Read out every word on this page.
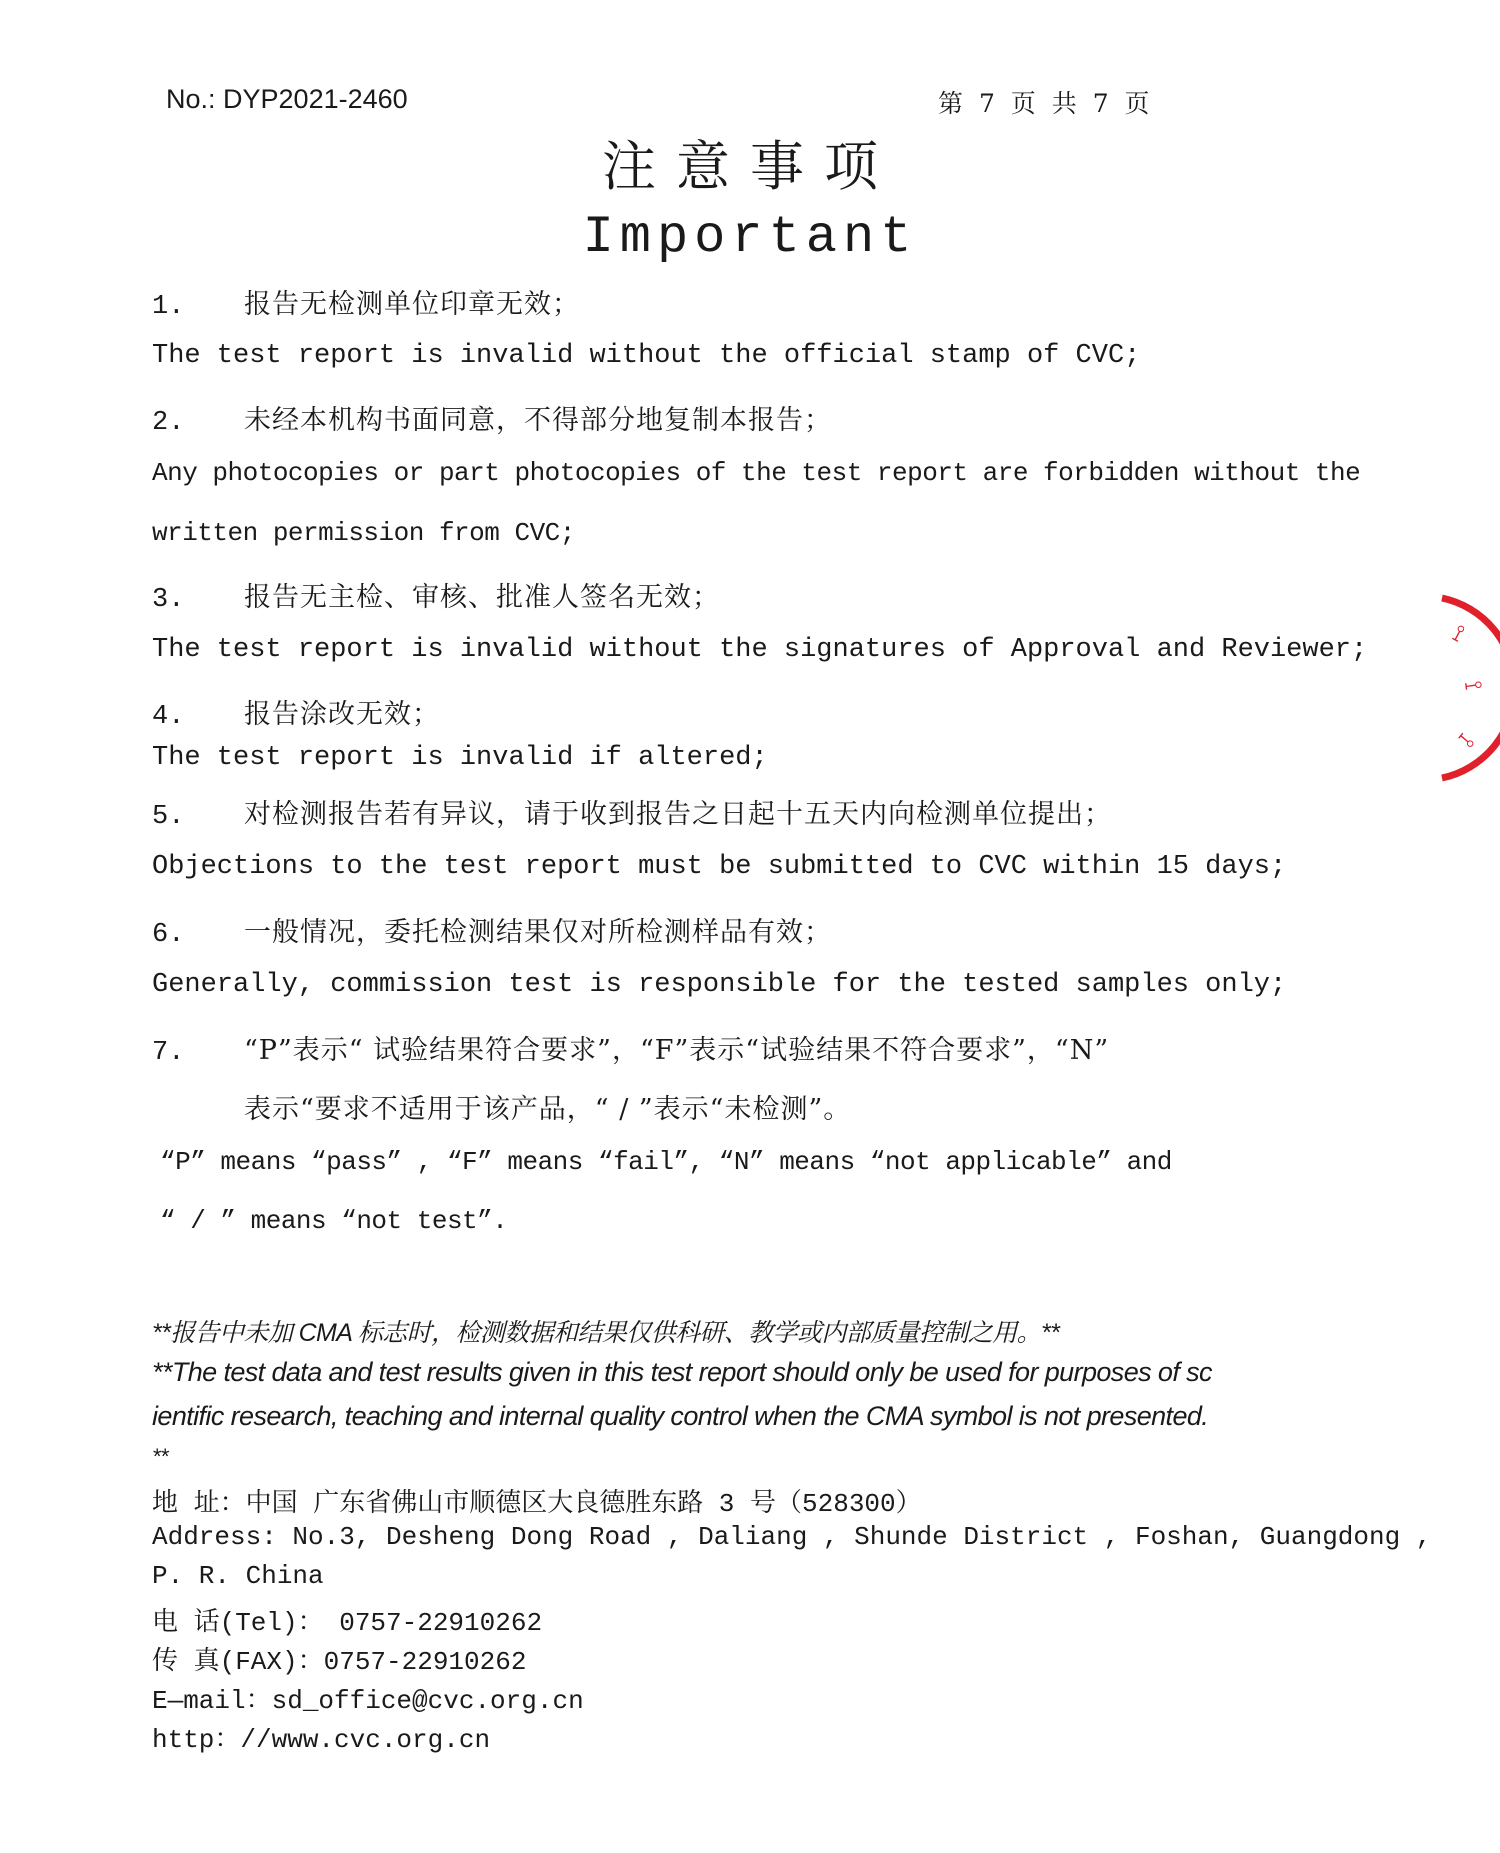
No.: DYP2021-2460	第 7 页 共 7 页
注意事项
Important
1. 报告无检测单位印章无效；
The test report is invalid without the official stamp of CVC;
2. 未经本机构书面同意，不得部分地复制本报告；
Any photocopies or part photocopies of the test report are forbidden without the
written permission from CVC;
3. 报告无主检、审核、批准人签名无效；
The test report is invalid without the signatures of Approval and Reviewer;
4. 报告涂改无效；
The test report is invalid if altered;
5. 对检测报告若有异议，请于收到报告之日起十五天内向检测单位提出；
Objections to the test report must be submitted to CVC within 15 days;
6. 一般情况，委托检测结果仅对所检测样品有效；
Generally, commission test is responsible for the tested samples only;
7. “P”表示“ 试验结果符合要求”，“F”表示“试验结果不符合要求”，“N”
表示“要求不适用于该产品，“ / ”表示“未检测”。
“P” means “pass” , “F” means “fail”, “N” means “not applicable” and
“ / ” means “not test”.
**报告中未加 CMA 标志时，检测数据和结果仅供科研、教学或内部质量控制之用。**
**The test data and test results given in this test report should only be used for purposes of sc
ientific research, teaching and internal quality control when the CMA symbol is not presented.
**
地 址：中国 广东省佛山市顺德区大良德胜东路 3 号（528300）
Address: No.3, Desheng Dong Road , Daliang , Shunde District , Foshan, Guangdong ,
P. R. China
电 话(Tel)： 0757-22910262
传 真(FAX)：0757-22910262
E—mail：sd_office@cvc.org.cn
http：//www.cvc.org.cn
⟟
⟟
⟟
